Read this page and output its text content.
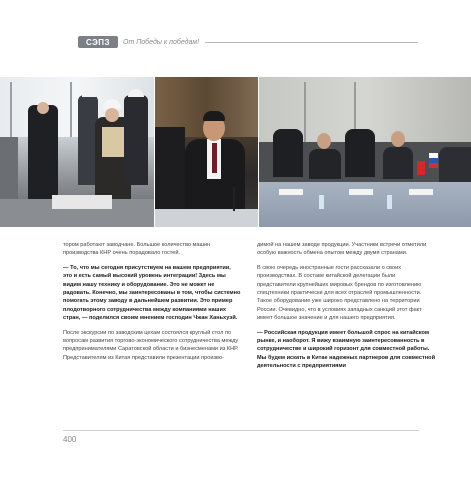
СЭПЗ	От Победы к победам!

тором работают заводчане. Большое количество машин производства КНР очень порадовало гостей.

— То, что мы сегодня присутствуем на вашем предприятии, это и есть самый высокий уровень интеграции! Здесь мы видим нашу технику и оборудование. Это не может не радовать. Конечно, мы заинтересованы в том, чтобы системно помогать этому заводу в дальнейшем развитии. Это пример плодотворного сотрудничества между компаниями наших стран, — поделился своим мнением господин Чжан Ханьхуэй.

После экскурсии по заводским цехам состоялся круглый стол по вопросам развития торгово-экономического сотрудничества между предпринимателями Саратовской области и бизнесменами из КНР. Представителям из Китая представили презентации произво-

димой на нашем заводе продукции. Участники встречи отметили особую важность обмена опытом между двумя странами.

В свою очередь иностранные гости рассказали о своих производствах. В составе китайской делегации были представители крупнейших мировых брендов по изготовлению спецтехники практически для всех отраслей промышленности. Такое оборудование уже широко представлено на территории России. Очевидно, что в условиях западных санкций этот факт имеет большое значение и для нашего предприятия.

— Российская продукция имеет большой спрос на китайском рынке, и наоборот. Я вижу взаимную заинтересованность в сотрудничестве и широкий горизонт для совместной работы. Мы будем искать в Китае надежных партнеров для совместной деятельности с предприятиями

400
